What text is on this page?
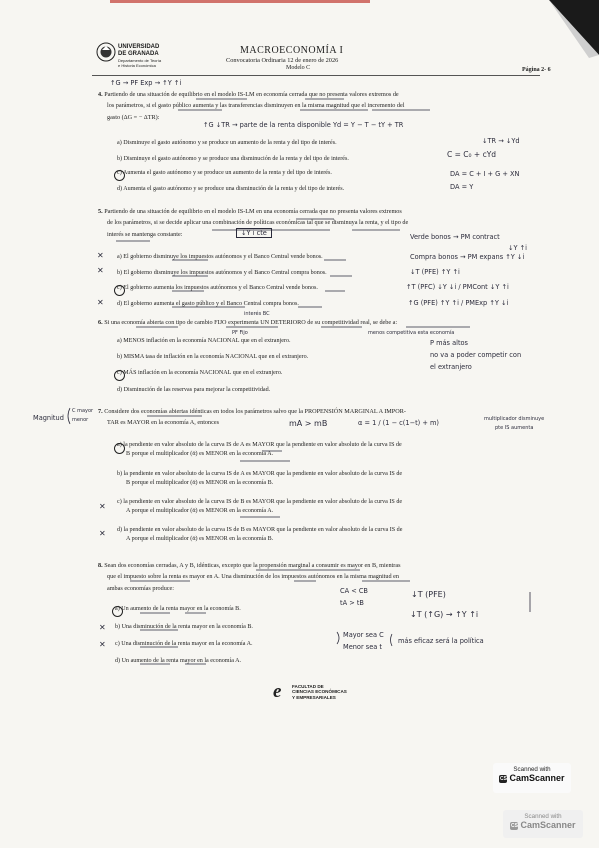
UNIVERSIDAD
DE GRANADA
Departamento de Teoría e Historia Económica
MACROECONOMÍA I
Convocatoria Ordinaria 12 de enero de 2026
Modelo C	Página 2- 6
↑G → PF Exp → ↑Y ↑i
4. Partiendo de una situación de equilibrio en el modelo IS-LM en economía cerrada que no presenta valores extremos de
los parámetros, si el gasto público aumenta y las transferencias disminuyen en la misma magnitud que el incremento del
gasto (ΔG = − ΔTR):
↑G ↓TR → parte de la renta disponible Yd = Y − T − tY + TR
↓TR → ↓Yd
a) Disminuye el gasto autónomo y se produce un aumento de la renta y del tipo de interés.
b) Disminuye el gasto autónomo y se produce una disminución de la renta y del tipo de interés.	C = C₀ + cYd
c) Aumenta el gasto autónomo y se produce un aumento de la renta y del tipo de interés.	DA = C + I + G + XN
d) Aumenta el gasto autónomo y se produce una disminución de la renta y del tipo de interés.	DA = Y
5. Partiendo de una situación de equilibrio en el modelo IS-LM en una economía cerrada que no presenta valores extremos
de los parámetros, si se decide aplicar una combinación de políticas económicas tal que se disminuya la renta, y el tipo de
interés se mantenga constante:	↓Y i cte	Verde bonos → PM contract
↓Y ↑i
✕ a) El gobierno disminuye los impuestos autónomos y el Banco Central vende bonos.	Compra bonos → PM expans ↑Y ↓i
✕ b) El gobierno disminuye los impuestos autónomos y el Banco Central compra bonos.	↓T (PFE) ↑Y ↑i
c) El gobierno aumenta los impuestos autónomos y el Banco Central vende bonos.	↑T (PFC) ↓Y ↓i / PMCont ↓Y ↑i
✕ d) El gobierno aumenta el gasto público y el Banco Central compra bonos.	↑G (PFE) ↑Y ↑i / PMExp ↑Y ↓i
interés BC
6. Si una economía abierta con tipo de cambio FIJO experimenta UN DETERIORO de su competitividad real, se debe a:
PF Fijo	menos competitiva esta economía
a) MENOS inflación en la economía NACIONAL que en el extranjero.	P más altos
b) MISMA tasa de inflación en la economía NACIONAL que en el extranjero.	no va a poder competir con
c) MÁS inflación en la economía NACIONAL que en el extranjero.
el extranjero
d) Disminución de las reservas para mejorar la competitividad.
Magnitud
C mayor
menor
7. Considere dos economías abiertas idénticas en todos los parámetros salvo que la PROPENSIÓN MARGINAL A IMPOR-
TAR es MAYOR en la economía A, entonces	mA > mB	α = 1 / (1 − c(1−t) + m)	multiplicador disminuye
pte IS aumenta
a) la pendiente en valor absoluto de la curva IS de A es MAYOR que la pendiente en valor absoluto de la curva IS de
B porque el multiplicador (ᾱ) es MENOR en la economía A.
b) la pendiente en valor absoluto de la curva IS de A es MAYOR que la pendiente en valor absoluto de la curva IS de
B porque el multiplicador (ᾱ) es MENOR en la economía B.
✕ c) la pendiente en valor absoluto de la curva IS de B es MAYOR que la pendiente en valor absoluto de la curva IS de
A porque el multiplicador (ᾱ) es MENOR en la economía A.
✕ d) la pendiente en valor absoluto de la curva IS de B es MAYOR que la pendiente en valor absoluto de la curva IS de
A porque el multiplicador (ᾱ) es MENOR en la economía B.
8. Sean dos economías cerradas, A y B, idénticas, excepto que la propensión marginal a consumir es mayor en B, mientras
que el impuesto sobre la renta es mayor en A. Una disminución de los impuestos autónomos en la misma magnitud en
ambas economías produce:	CA < CB
tA > tB
↓T (PFE)
a) Un aumento de la renta mayor en la economía B.
↓T (↑G) → ↑Y ↑i
✕ b) Una disminución de la renta mayor en la economía B.
Mayor sea C
Menor sea t
más eficaz será la política
✕ c) Una disminución de la renta mayor en la economía A.
d) Un aumento de la renta mayor en la economía A.
e FACULTAD DE
CIENCIAS ECONÓMICAS
Y EMPRESARIALES
Scanned with
CS CamScanner
Scanned with
CS CamScanner
